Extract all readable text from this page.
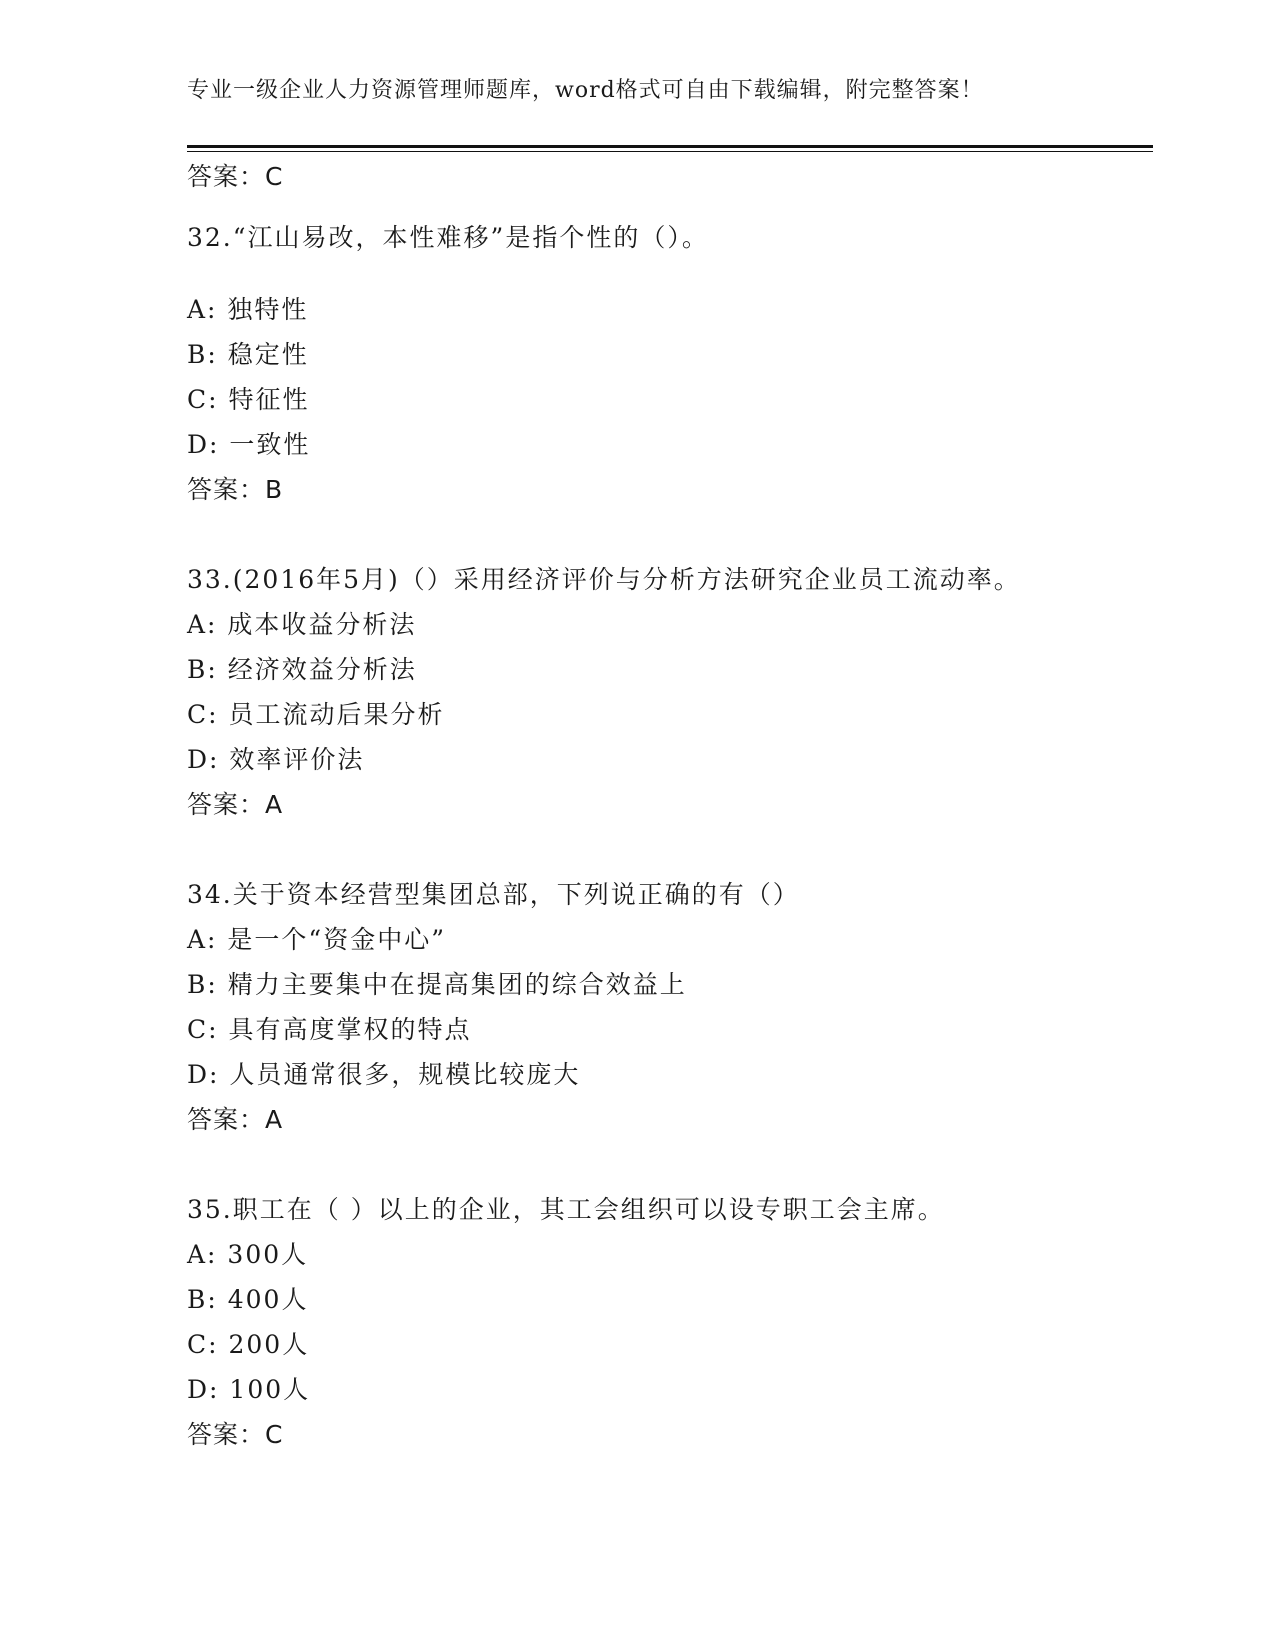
专业一级企业人力资源管理师题库，word格式可自由下载编辑，附完整答案！
答案：C
32.“江山易改，本性难移”是指个性的（）。
A: 独特性
B: 稳定性
C: 特征性
D: 一致性
答案：B
33.(2016年5月)（）采用经济评价与分析方法研究企业员工流动率。
A: 成本收益分析法
B: 经济效益分析法
C: 员工流动后果分析
D: 效率评价法
答案：A
34.关于资本经营型集团总部，下列说正确的有（）
A: 是一个“资金中心”
B: 精力主要集中在提高集团的综合效益上
C: 具有高度掌权的特点
D: 人员通常很多，规模比较庞大
答案：A
35.职工在（ ）以上的企业，其工会组织可以设专职工会主席。
A: 300人
B: 400人
C: 200人
D: 100人
答案：C
